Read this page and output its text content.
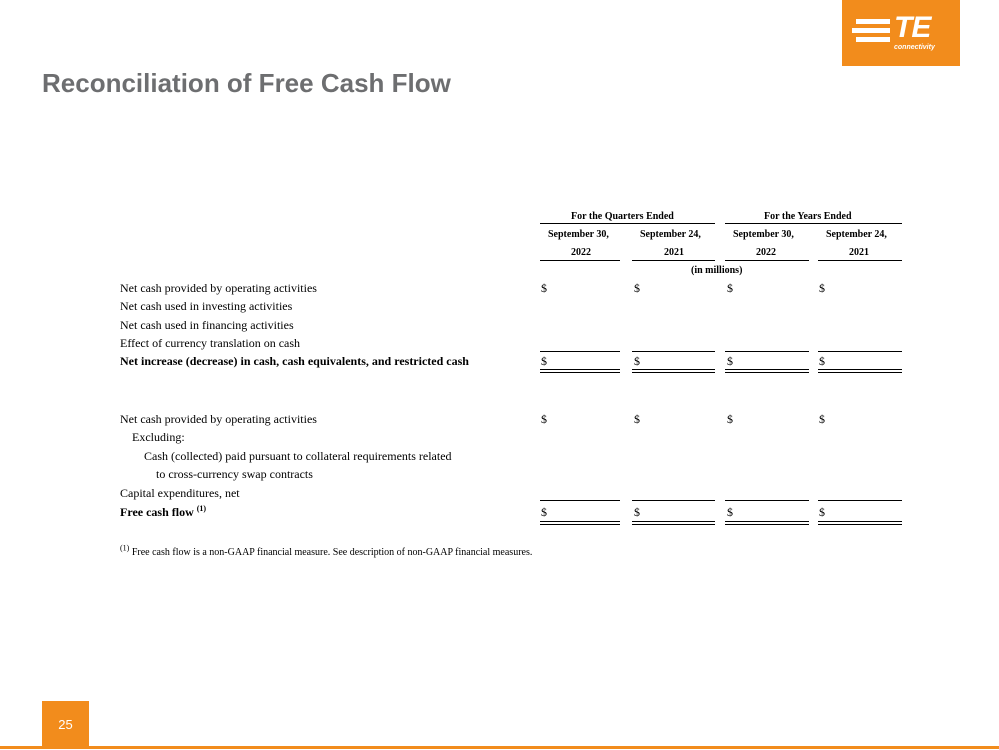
Reconciliation of Free Cash Flow
TE
connectivity
For the Quarters Ended	For the Years Ended
September 30,	September 24,	September 30,	September 24,
2022	2021	2022	2021
(in millions)
Net cash provided by operating activities	$	$	$	$
Net cash used in investing activities
Net cash used in financing activities
Effect of currency translation on cash
Net increase (decrease) in cash, cash equivalents, and restricted cash	$	$	$	$
Net cash provided by operating activities	$	$	$	$
Excluding:
Cash (collected) paid pursuant to collateral requirements related
to cross-currency swap contracts
Capital expenditures, net
Free cash flow $^{(1)}$	$	$	$	$
$^{(1)}$ Free cash flow is a non-GAAP financial measure. See description of non-GAAP financial measures.
25
